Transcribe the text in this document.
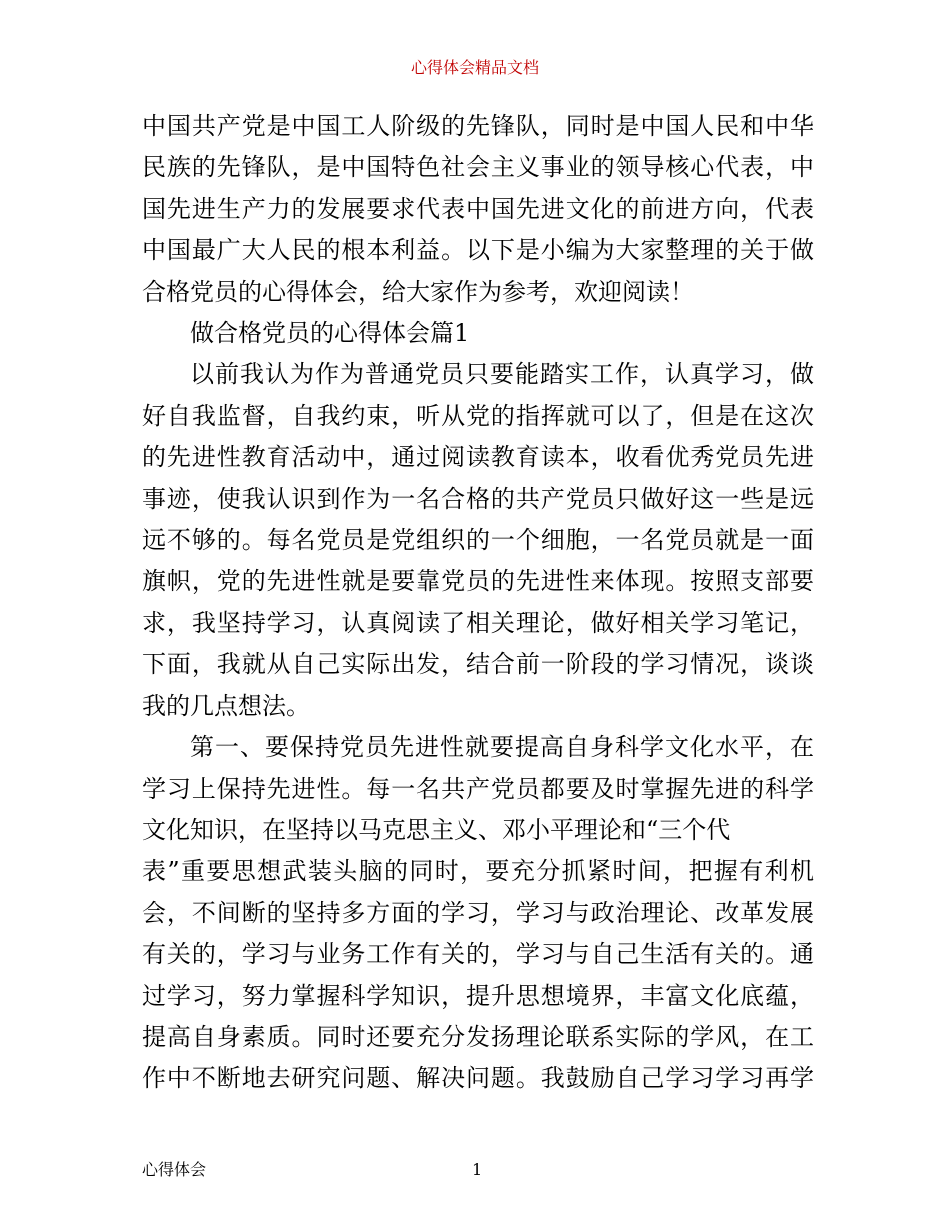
心得体会精品文档

中国共产党是中国工人阶级的先锋队，同时是中国人民和中华
民族的先锋队，是中国特色社会主义事业的领导核心代表，中
国先进生产力的发展要求代表中国先进文化的前进方向，代表
中国最广大人民的根本利益。以下是小编为大家整理的关于做
合格党员的心得体会，给大家作为参考，欢迎阅读！

做合格党员的心得体会篇1

以前我认为作为普通党员只要能踏实工作，认真学习，做
好自我监督，自我约束，听从党的指挥就可以了，但是在这次
的先进性教育活动中，通过阅读教育读本，收看优秀党员先进
事迹，使我认识到作为一名合格的共产党员只做好这一些是远
远不够的。每名党员是党组织的一个细胞，一名党员就是一面
旗帜，党的先进性就是要靠党员的先进性来体现。按照支部要
求，我坚持学习，认真阅读了相关理论，做好相关学习笔记，
下面，我就从自己实际出发，结合前一阶段的学习情况，谈谈
我的几点想法。

第一、要保持党员先进性就要提高自身科学文化水平，在
学习上保持先进性。每一名共产党员都要及时掌握先进的科学
文化知识，在坚持以马克思主义、邓小平理论和“三个代
表”重要思想武装头脑的同时，要充分抓紧时间，把握有利机
会，不间断的坚持多方面的学习，学习与政治理论、改革发展
有关的，学习与业务工作有关的，学习与自己生活有关的。通
过学习，努力掌握科学知识，提升思想境界，丰富文化底蕴，
提高自身素质。同时还要充分发扬理论联系实际的学风，在工
作中不断地去研究问题、解决问题。我鼓励自己学习学习再学

心得体会	1
